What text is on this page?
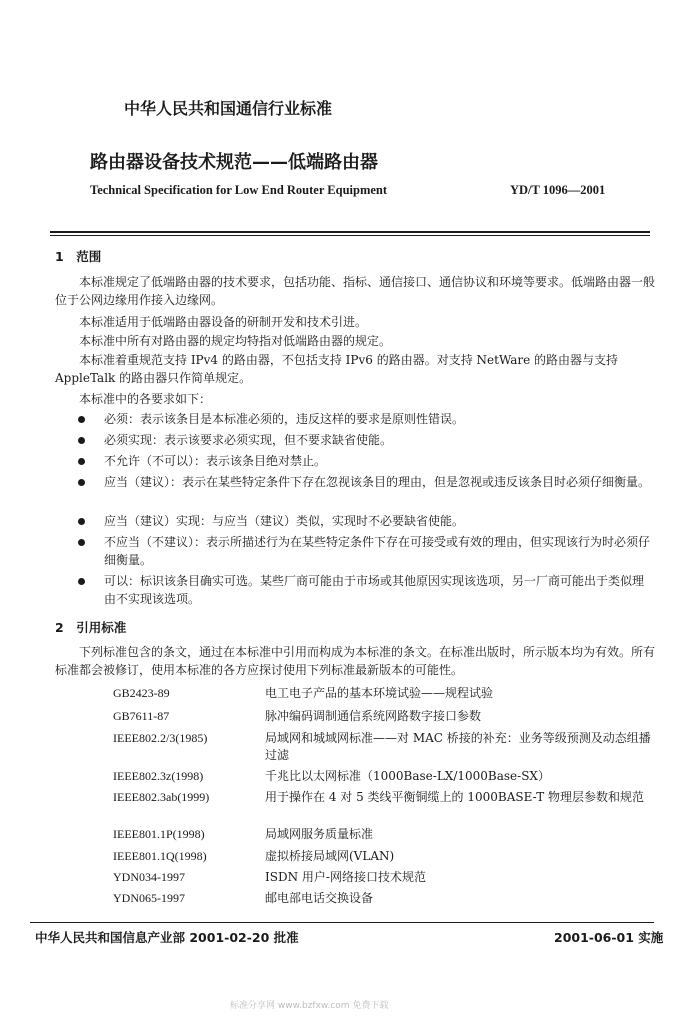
中华人民共和国通信行业标准
路由器设备技术规范——低端路由器
Technical Specification for Low End Router Equipment	YD/T 1096—2001
1　范围
本标准规定了低端路由器的技术要求，包括功能、指标、通信接口、通信协议和环境等要求。低端路由器一般位于公网边缘用作接入边缘网。
本标准适用于低端路由器设备的研制开发和技术引进。
本标准中所有对路由器的规定均特指对低端路由器的规定。
本标准着重规范支持 IPv4 的路由器，不包括支持 IPv6 的路由器。对支持 NetWare 的路由器与支持 AppleTalk 的路由器只作简单规定。
本标准中的各要求如下：
必须：表示该条目是本标准必须的，违反这样的要求是原则性错误。
必须实现：表示该要求必须实现，但不要求缺省使能。
不允许（不可以）：表示该条目绝对禁止。
应当（建议）：表示在某些特定条件下存在忽视该条目的理由，但是忽视或违反该条目时必须仔细衡量。
应当（建议）实现：与应当（建议）类似，实现时不必要缺省使能。
不应当（不建议）：表示所描述行为在某些特定条件下存在可接受或有效的理由，但实现该行为时必须仔细衡量。
可以：标识该条目确实可选。某些厂商可能由于市场或其他原因实现该选项，另一厂商可能出于类似理由不实现该选项。
2　引用标准
下列标准包含的条文，通过在本标准中引用而构成为本标准的条文。在标准出版时，所示版本均为有效。所有标准都会被修订，使用本标准的各方应探讨使用下列标准最新版本的可能性。
GB2423-89	电工电子产品的基本环境试验——规程试验
GB7611-87	脉冲编码调制通信系统网路数字接口参数
IEEE802.2/3(1985)	局域网和城域网标准——对 MAC 桥接的补充：业务等级预测及动态组播过滤
IEEE802.3z(1998)	千兆比以太网标准（1000Base-LX/1000Base-SX）
IEEE802.3ab(1999)	用于操作在 4 对 5 类线平衡铜缆上的 1000BASE-T 物理层参数和规范
IEEE801.1P(1998)	局域网服务质量标准
IEEE801.1Q(1998)	虚拟桥接局域网(VLAN)
YDN034-1997	ISDN 用户-网络接口技术规范
YDN065-1997	邮电部电话交换设备
中华人民共和国信息产业部 2001-02-20 批准	2001-06-01 实施
标准分享网 www.bzfxw.com 免费下载
